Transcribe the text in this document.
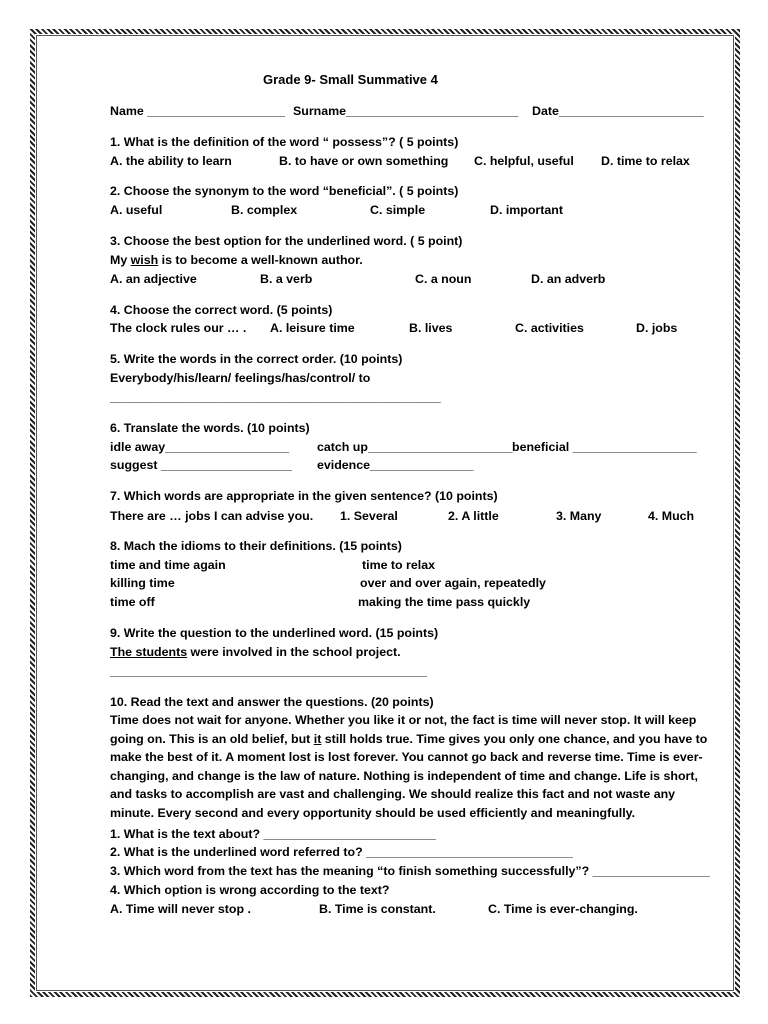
Grade 9- Small Summative 4
Name ____________________ Surname_________________________ Date_____________________
1. What is the definition of the word “ possess”? ( 5 points)
A. the ability to learn	B. to have or own something C. helpful, useful D. time to relax
2. Choose the synonym to the word “beneficial”. ( 5 points)
A. useful	B. complex	C. simple	D. important
3. Choose the best option for the underlined word. ( 5 point)
My wish is to become a well-known author.
A. an adjective	B. a verb	C. a noun	D. an adverb
4. Choose the correct word. (5 points)
The clock rules our … . A. leisure time	B. lives	C. activities	D. jobs
5. Write the words in the correct order. (10 points)
Everybody/his/learn/ feelings/has/control/ to
________________________________________________
6. Translate the words. (10 points)
idle away__________________ catch up_____________________ beneficial __________________
suggest ___________________ evidence_______________
7. Which words are appropriate in the given sentence? (10 points)
There are … jobs I can advise you. 1. Several	2. A little	3. Many	4. Much
8. Mach the idioms to their definitions. (15 points)
time and time again	time to relax
killing time	over and over again, repeatedly
time off	making the time pass quickly
9. Write the question to the underlined word. (15 points)
The students were involved in the school project.
______________________________________________
10. Read the text and answer the questions. (20 points)
Time does not wait for anyone. Whether you like it or not, the fact is time will never stop. It will keep going on. This is an old belief, but it still holds true. Time gives you only one chance, and you have to make the best of it. A moment lost is lost forever. You cannot go back and reverse time. Time is ever-changing, and change is the law of nature. Nothing is independent of time and change. Life is short, and tasks to accomplish are vast and challenging. We should realize this fact and not waste any minute. Every second and every opportunity should be used efficiently and meaningfully.
1. What is the text about? _________________________
2. What is the underlined word referred to? ______________________________
3. Which word from the text has the meaning “to finish something successfully”? _________________
4. Which option is wrong according to the text?
A. Time will never stop .	B. Time is constant.	C. Time is ever-changing.
